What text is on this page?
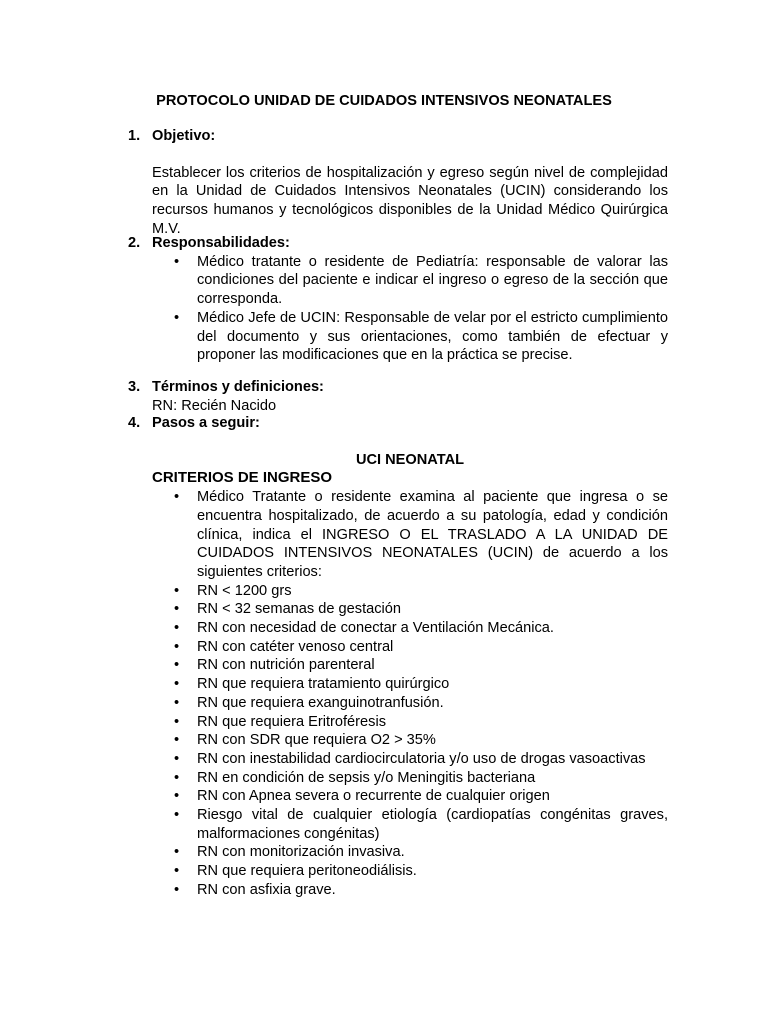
PROTOCOLO UNIDAD DE CUIDADOS INTENSIVOS NEONATALES
1. Objetivo:
Establecer los criterios de hospitalización y egreso según nivel de complejidad en la Unidad de Cuidados Intensivos Neonatales (UCIN) considerando los recursos humanos y tecnológicos disponibles de la Unidad Médico Quirúrgica M.V.
2. Responsabilidades:
• Médico tratante o residente de Pediatría: responsable de valorar las condiciones del paciente e indicar el ingreso o egreso de la sección que corresponda.
• Médico Jefe de UCIN: Responsable de velar por el estricto cumplimiento del documento y sus orientaciones, como también de efectuar y proponer las modificaciones que en la práctica se precise.
3. Términos y definiciones:
RN: Recién Nacido
4. Pasos a seguir:
UCI NEONATAL
CRITERIOS DE INGRESO
• Médico Tratante o residente examina al paciente que ingresa o se encuentra hospitalizado, de acuerdo a su patología, edad y condición clínica, indica el INGRESO O EL TRASLADO A LA UNIDAD DE CUIDADOS INTENSIVOS NEONATALES (UCIN) de acuerdo a los siguientes criterios:
• RN < 1200 grs
• RN < 32 semanas de gestación
• RN con necesidad de conectar a Ventilación Mecánica.
• RN con catéter venoso central
• RN con nutrición parenteral
• RN que requiera tratamiento quirúrgico
• RN que requiera exanguinotranfusión.
• RN que requiera Eritroféresis
• RN con SDR que requiera O2 > 35%
• RN con inestabilidad cardiocirculatoria y/o uso de drogas vasoactivas
• RN en condición de sepsis y/o Meningitis bacteriana
• RN con Apnea severa o recurrente de cualquier origen
• Riesgo vital de cualquier etiología (cardiopatías congénitas graves, malformaciones congénitas)
• RN con monitorización invasiva.
• RN que requiera peritoneodiálisis.
• RN con asfixia grave.
